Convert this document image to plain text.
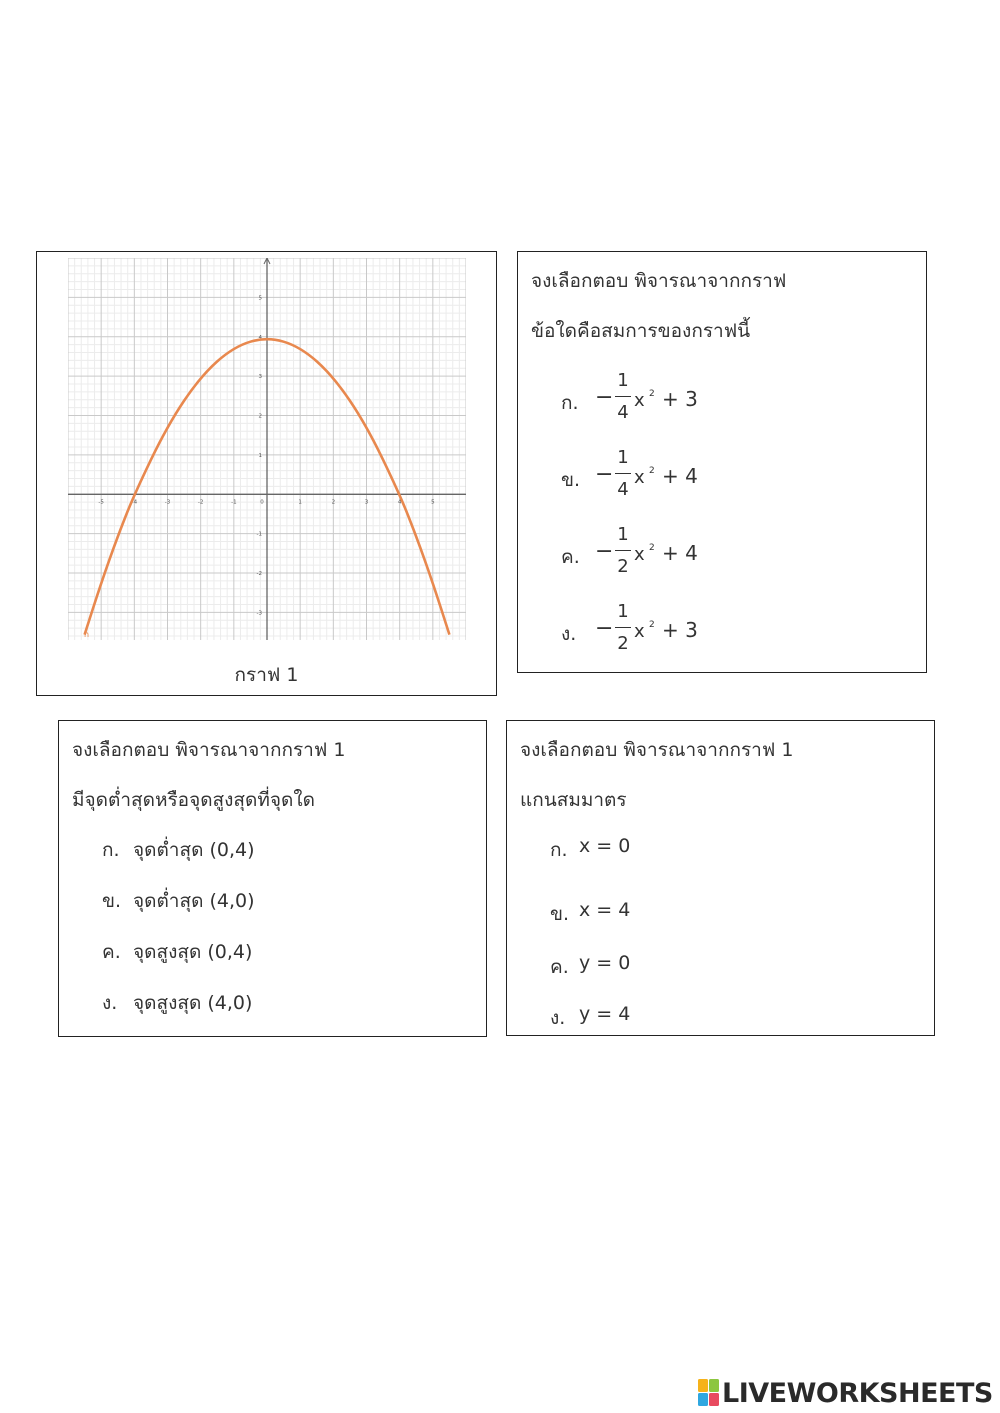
-5	-4	-3	-2	-1	0	1	2	3	4	5
-3
-2
-1
1
2
3
4
5
h
กราฟ 1
จงเลือกตอบ พิจารณาจากกราฟ
ข้อใดคือสมการของกราฟนี้
ก. −
1
4
x 2 + 3
ข. −
1
4
x 2 + 4
ค. −
1
2
x 2 + 4
ง. −
1
2
x 2 + 3
จงเลือกตอบ พิจารณาจากกราฟ 1
มีจุดต่ำสุดหรือจุดสูงสุดที่จุดใด
ก. จุดต่ำสุด (0,4)
ข. จุดต่ำสุด (4,0)
ค. จุดสูงสุด (0,4)
ง. จุดสูงสุด (4,0)
จงเลือกตอบ พิจารณาจากกราฟ 1
แกนสมมาตร
ก. x = 0
ข. x = 4
ค. y = 0
ง. y = 4
LIVEWORKSHEETS
